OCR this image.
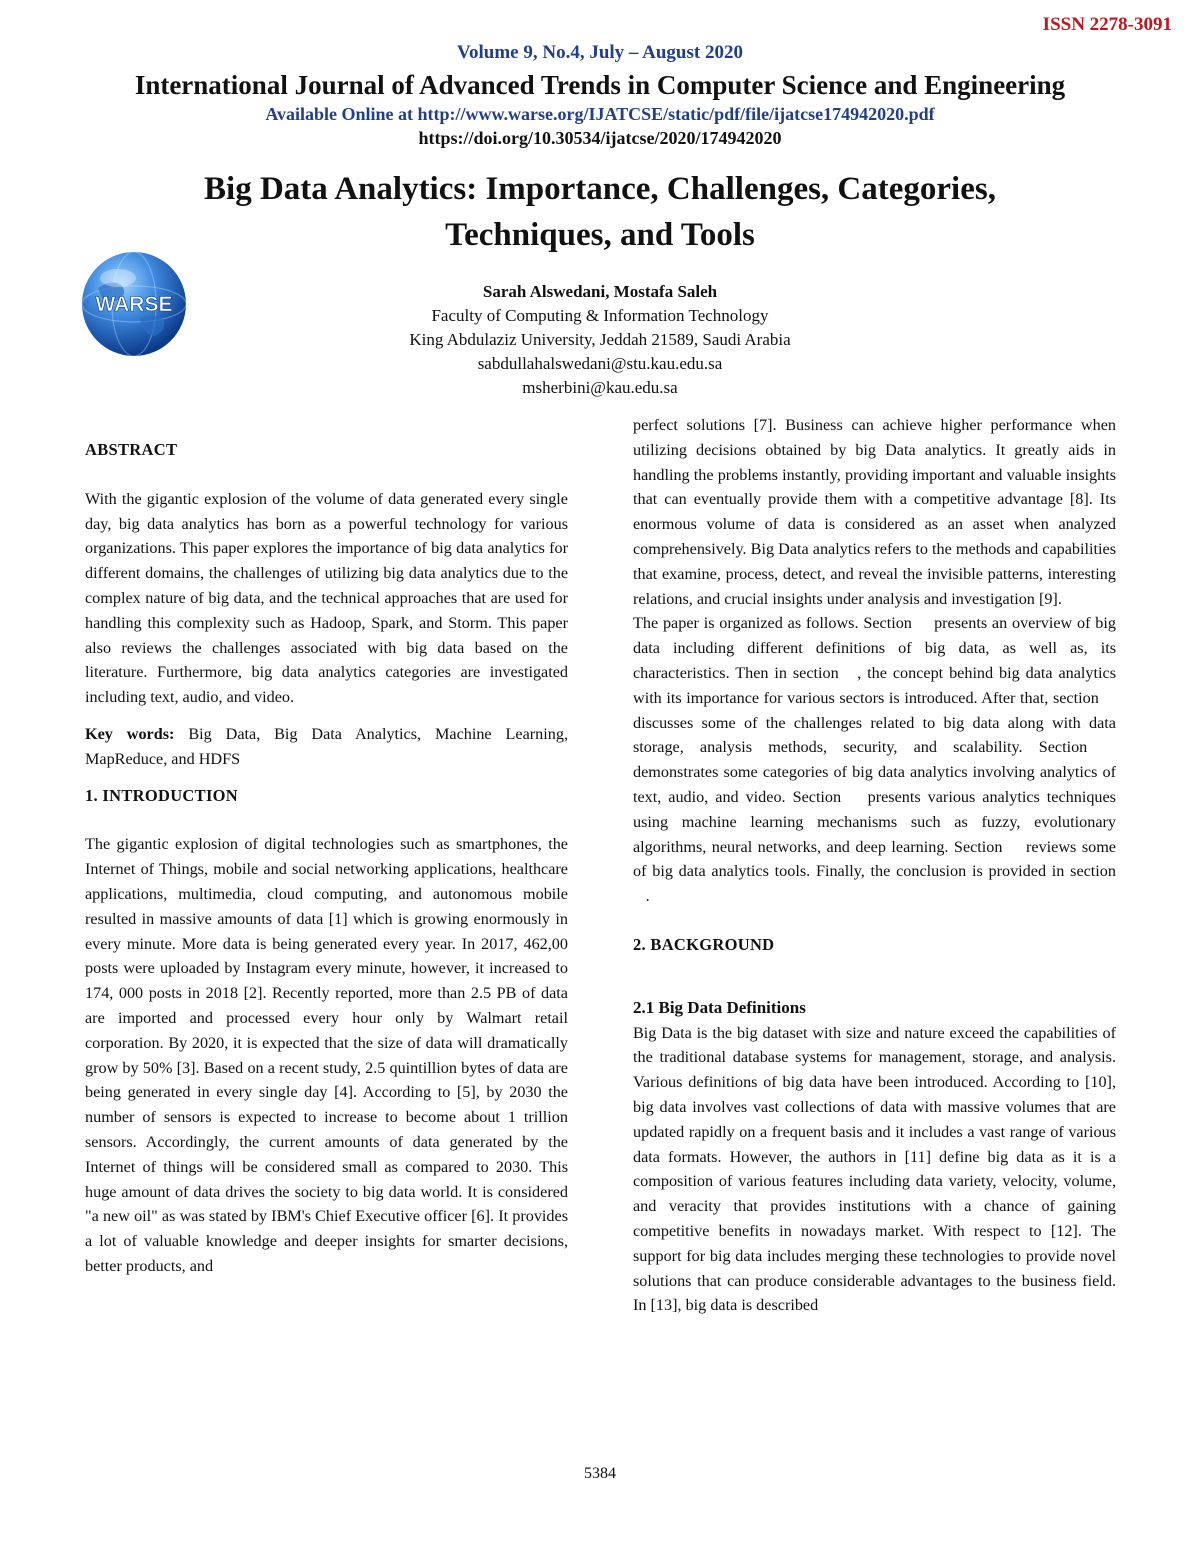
ISSN 2278-3091
Volume 9, No.4, July – August 2020
International Journal of Advanced Trends in Computer Science and Engineering
Available Online at http://www.warse.org/IJATCSE/static/pdf/file/ijatcse174942020.pdf
https://doi.org/10.30534/ijatcse/2020/174942020
Big Data Analytics: Importance, Challenges, Categories,
Techniques, and Tools
WARSE
Sarah Alswedani, Mostafa Saleh
Faculty of Computing & Information Technology
King Abdulaziz University, Jeddah 21589, Saudi Arabia
sabdullahalswedani@stu.kau.edu.sa
msherbini@kau.edu.sa

ABSTRACT

With the gigantic explosion of the volume of data generated every single day, big data analytics has born as a powerful technology for various organizations. This paper explores the importance of big data analytics for different domains, the challenges of utilizing big data analytics due to the complex nature of big data, and the technical approaches that are used for handling this complexity such as Hadoop, Spark, and Storm. This paper also reviews the challenges associated with big data based on the literature. Furthermore, big data analytics categories are investigated including text, audio, and video.

Key words: Big Data, Big Data Analytics, Machine Learning, MapReduce, and HDFS

1. INTRODUCTION

The gigantic explosion of digital technologies such as smartphones, the Internet of Things, mobile and social networking applications, healthcare applications, multimedia, cloud computing, and autonomous mobile resulted in massive amounts of data [1] which is growing enormously in every minute. More data is being generated every year. In 2017, 462,00 posts were uploaded by Instagram every minute, however, it increased to 174, 000 posts in 2018 [2]. Recently reported, more than 2.5 PB of data are imported and processed every hour only by Walmart retail corporation. By 2020, it is expected that the size of data will dramatically grow by 50% [3]. Based on a recent study, 2.5 quintillion bytes of data are being generated in every single day [4]. According to [5], by 2030 the number of sensors is expected to increase to become about 1 trillion sensors. Accordingly, the current amounts of data generated by the Internet of things will be considered small as compared to 2030. This huge amount of data drives the society to big data world. It is considered "a new oil" as was stated by IBM's Chief Executive officer [6]. It provides a lot of valuable knowledge and deeper insights for smarter decisions, better products, and

perfect solutions [7]. Business can achieve higher performance when utilizing decisions obtained by big Data analytics. It greatly aids in handling the problems instantly, providing important and valuable insights that can eventually provide them with a competitive advantage [8]. Its enormous volume of data is considered as an asset when analyzed comprehensively. Big Data analytics refers to the methods and capabilities that examine, process, detect, and reveal the invisible patterns, interesting relations, and crucial insights under analysis and investigation [9].

The paper is organized as follows. Section presents an overview of big data including different definitions of big data, as well as, its characteristics. Then in section , the concept behind big data analytics with its importance for various sectors is introduced. After that, section discusses some of the challenges related to big data along with data storage, analysis methods, security, and scalability. Section demonstrates some categories of big data analytics involving analytics of text, audio, and video. Section presents various analytics techniques using machine learning mechanisms such as fuzzy, evolutionary algorithms, neural networks, and deep learning. Section reviews some of big data analytics tools. Finally, the conclusion is provided in section .

2. BACKGROUND

2.1 Big Data Definitions

Big Data is the big dataset with size and nature exceed the capabilities of the traditional database systems for management, storage, and analysis. Various definitions of big data have been introduced. According to [10], big data involves vast collections of data with massive volumes that are updated rapidly on a frequent basis and it includes a vast range of various data formats. However, the authors in [11] define big data as it is a composition of various features including data variety, velocity, volume, and veracity that provides institutions with a chance of gaining competitive benefits in nowadays market. With respect to [12]. The support for big data includes merging these technologies to provide novel solutions that can produce considerable advantages to the business field. In [13], big data is described

5384
